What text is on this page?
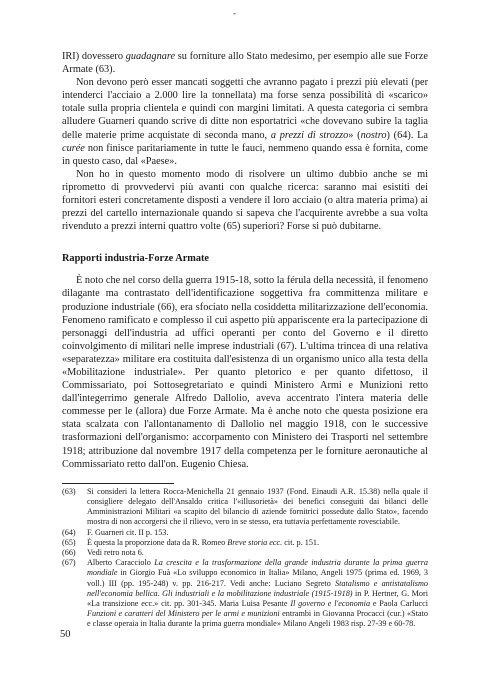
-

IRI) dovessero guadagnare su forniture allo Stato medesimo, per esempio alle sue Forze Armate (63).

Non devono però esser mancati soggetti che avranno pagato i prezzi più elevati (per intenderci l'acciaio a 2.000 lire la tonnellata) ma forse senza possibilità di «scarico» totale sulla propria clientela e quindi con margini limitati. A questa categoria ci sembra alludere Guarneri quando scrive di ditte non esportatrici «che dovevano subire la taglia delle materie prime acquistate di seconda mano, a prezzi di strozzo» (nostro) (64). La curée non finisce paritariamente in tutte le fauci, nemmeno quando essa è fornita, come in questo caso, dal «Paese».

Non ho in questo momento modo di risolvere un ultimo dubbio anche se mi riprometto di provvedervi più avanti con qualche ricerca: saranno mai esistiti dei fornitori esteri concretamente disposti a vendere il loro acciaio (o altra materia prima) ai prezzi del cartello internazionale quando si sapeva che l'acquirente avrebbe a sua volta rivenduto a prezzi interni quattro volte (65) superiori? Forse si può dubitarne.

Rapporti industria-Forze Armate

È noto che nel corso della guerra 1915-18, sotto la férula della necessità, il fenomeno dilagante ma contrastato dell'identificazione soggettiva fra committenza militare e produzione industriale (66), era sfociato nella cosiddetta militarizzazione dell'economia. Fenomeno ramificato e complesso il cui aspetto più appariscente era la partecipazione di personaggi dell'industria ad uffici operanti per conto del Governo e il diretto coinvolgimento di militari nelle imprese industriali (67). L'ultima trincea di una relativa «separatezza» militare era costituita dall'esistenza di un organismo unico alla testa della «Mobilitazione industriale». Per quanto pletorico e per quanto difettoso, il Commissariato, poi Sottosegretariato e quindi Ministero Armi e Munizioni retto dall'integerrimo generale Alfredo Dallolio, aveva accentrato l'intera materia delle commesse per le (allora) due Forze Armate. Ma è anche noto che questa posizione era stata scalzata con l'allontanamento di Dallolio nel maggio 1918, con le successive trasformazioni dell'organismo: accorpamento con Ministero dei Trasporti nel settembre 1918; attribuzione dal novembre 1917 della competenza per le forniture aeronautiche al Commissariato retto dall'on. Eugenio Chiesa.

(63)	Si consideri la lettera Rocca-Menichella 21 gennaio 1937 (Fond. Einaudi A.R. 15.38) nella quale il consigliere delegato dell'Ansaldo critica l'«illusorietà» dei benefici conseguiti dai bilanci delle Amministrazioni Militari «a scapito del bilancio di aziende fornitrici possedute dallo Stato», facendo mostra di non accorgersi che il rilievo, vero in se stesso, era tuttavia perfettamente rovesciabile.
(64)	F. Guarneri cit. II p. 153.
(65)	È questa la proporzione data da R. Romeo Breve storia ecc. cit. p. 151.
(66)	Vedi retro nota 6.
(67)	Alberto Caracciolo La crescita e la trasformazione della grande industria durante la prima guerra mondiale in Giorgio Fuà «Lo sviluppo economico in Italia» Milano, Angeli 1975 (prima ed. 1969, 3 voll.) III (pp. 195-248) v. pp. 216-217. Vedi anche: Luciano Segreto Statalismo e antistatalismo nell'economia bellica. Gli industriali e la mobilitazione industriale (1915-1918) in P. Hertner, G. Mori «La transizione ecc.» cit. pp. 301-345. Maria Luisa Pesante Il governo e l'economia e Paola Carlucci Funzioni e caratteri del Ministero per le armi e munizioni entrambi in Giovanna Procacci (cur.) «Stato e classe operaia in Italia durante la prima guerra mondiale» Milano Angeli 1983 risp. 27-39 e 60-78.
50
